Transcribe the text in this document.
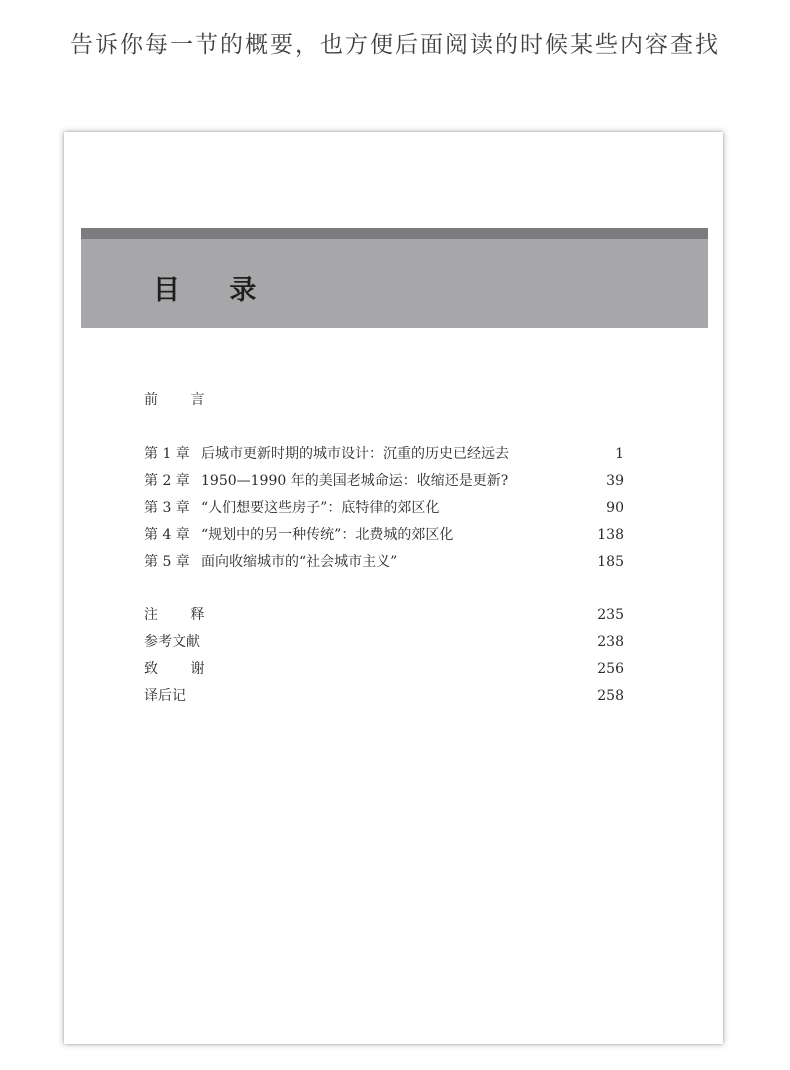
告诉你每一节的概要，也方便后面阅读的时候某些内容查找
目 录
前 言
第 1 章 后城市更新时期的城市设计：沉重的历史已经远去	1
第 2 章 1950—1990 年的美国老城命运：收缩还是更新?	39
第 3 章 “人们想要这些房子”：底特律的郊区化	90
第 4 章 “规划中的另一种传统”：北费城的郊区化	138
第 5 章 面向收缩城市的“社会城市主义”	185
注 释	235
参考文献	238
致 谢	256
译后记	258
